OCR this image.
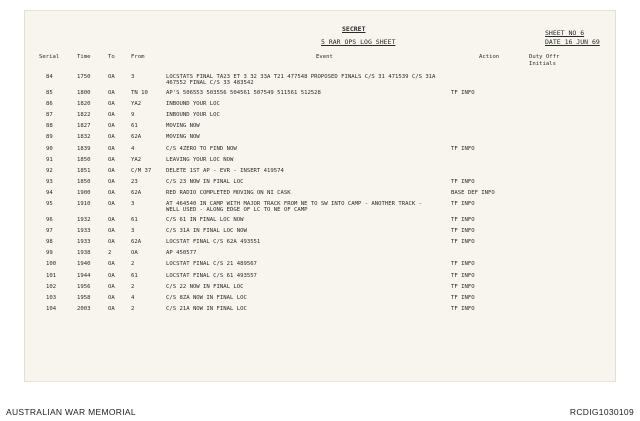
SECRET
5 RAR OPS LOG SHEET
SHEET NO 6
DATE 16 JUN 69
Serial	Time	To	From	Event	Action	Duty Offr
Initials
84	1750	OA	3	LOCSTATS FINAL TA23 ET 3 32 33A T21 477548 PROPOSED FINALS C/S 31 471539 C/S 31A
467552 FINAL C/S 33 483542
85	1800	OA	TN 10	AP'S 506553 503556 504561 507549 511561 512528	TF INFO
86	1820	OA	YA2	INBOUND YOUR LOC
87	1822	OA	9	INBOUND YOUR LOC
88	1827	OA	61	MOVING NOW
89	1832	OA	62A	MOVING NOW
90	1839	OA	4	C/S 4ZERO TO FIND NOW	TF INFO
91	1850	OA	YA2	LEAVING YOUR LOC NOW
92	1851	OA	C/M 37	DELETE 1ST AP - EVR - INSERT 419574
93	1850	OA	23	C/S 23 NOW IN FINAL LOC	TF INFO
94	1900	OA	62A	RED RADIO COMPLETED MOVING ON NI CASK	BASE DEF INFO
95	1910	OA	3	AT 464540 IN CAMP WITH MAJOR TRACK FROM NE TO SW INTO CAMP - ANOTHER TRACK -	TF INFO
WELL USED - ALONG EDGE OF LC TO NE OF CAMP
96	1932	OA	61	C/S 61 IN FINAL LOC NOW	TF INFO
97	1933	OA	3	C/S 31A IN FINAL LOC NOW	TF INFO
98	1933	OA	62A	LOCSTAT FINAL C/S 62A 493551	TF INFO
99	1938	2	OA	AP 450577
100	1940	OA	2	LOCSTAT FINAL C/S 21 489567	TF INFO
101	1944	OA	61	LOCSTAT FINAL C/S 61 493557	TF INFO
102	1956	OA	2	C/S 22 NOW IN FINAL LOC	TF INFO
103	1958	OA	4	C/S 8ZA NOW IN FINAL LOC	TF INFO
104	2003	OA	2	C/S 21A NOW IN FINAL LOC	TF INFO
AUSTRALIAN WAR MEMORIAL	RCDIG1030109
